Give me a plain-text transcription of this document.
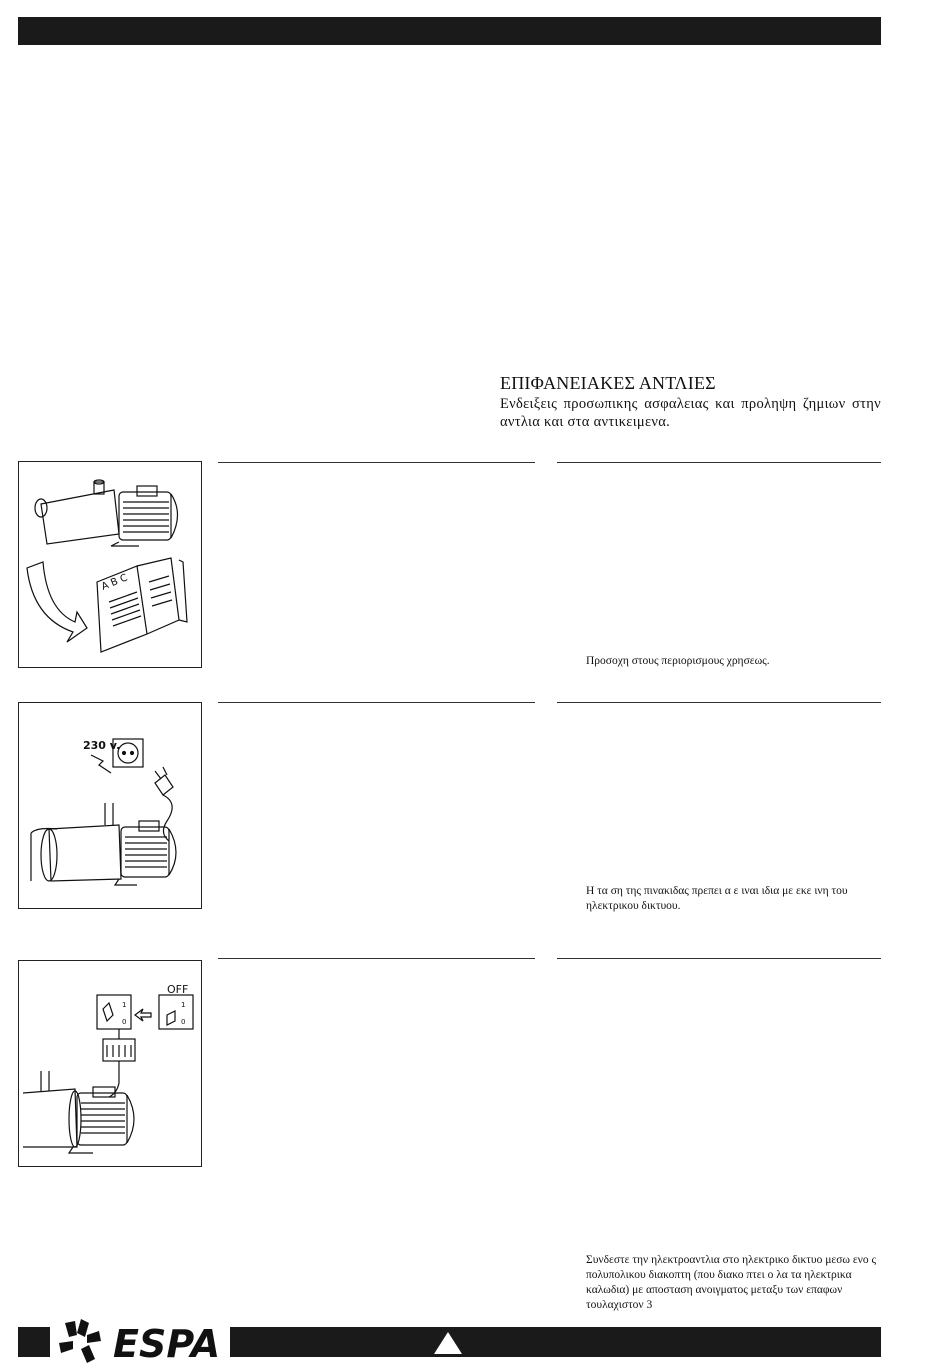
ΕΠΙΦΑΝΕΙΑΚΕΣ ΑΝΤΛΙΕΣ
Ενδειξεις προσωπικης ασφαλειας και προληψη ζημιων στην αντλια και στα αντικειμενα.
A B C
Προσοχη στους περιορισμους χρησεως.
230 v.
Η τα ση της πινακιδας πρεπει α ε ιναι ιδια με εκε ινη του ηλεκτρικου δικτυου.
OFF
1
0
1
0
Συνδεστε την ηλεκτροαντλια στο ηλεκτρικο δικτυο μεσω ενο ς πολυπολικου διακοπτη (που διακο πτει ο λα τα ηλεκτρικα καλωδια) με αποσταση ανοιγματος μεταξυ των επαφων τουλαχιστον 3
ESPA
